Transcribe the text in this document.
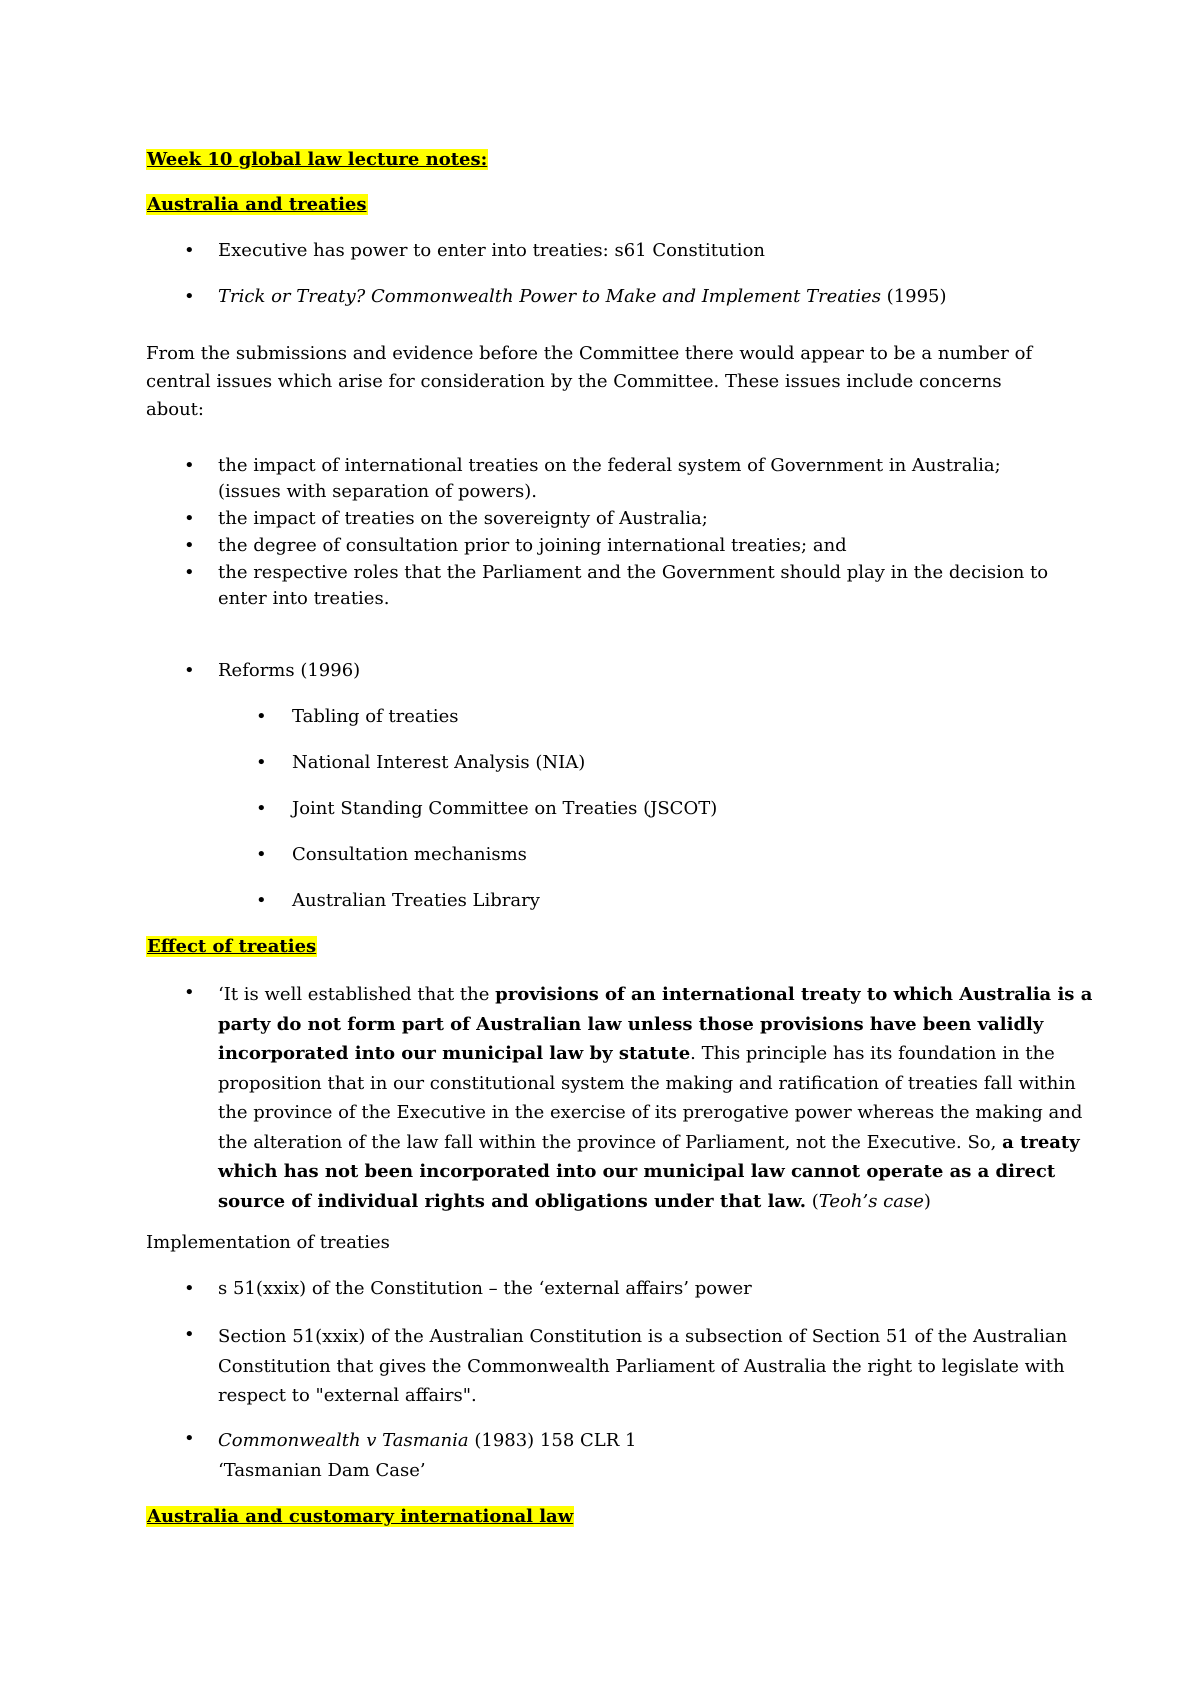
Week 10 global law lecture notes:
Australia and treaties
• Executive has power to enter into treaties: s61 Constitution
• Trick or Treaty? Commonwealth Power to Make and Implement Treaties (1995)
From the submissions and evidence before the Committee there would appear to be a number of
central issues which arise for consideration by the Committee. These issues include concerns
about:
• the impact of international treaties on the federal system of Government in Australia;
(issues with separation of powers).
• the impact of treaties on the sovereignty of Australia;
• the degree of consultation prior to joining international treaties; and
• the respective roles that the Parliament and the Government should play in the decision to
enter into treaties.
• Reforms (1996)
• Tabling of treaties
• National Interest Analysis (NIA)
• Joint Standing Committee on Treaties (JSCOT)
• Consultation mechanisms
• Australian Treaties Library
Effect of treaties
• ‘It is well established that the provisions of an international treaty to which Australia is a
party do not form part of Australian law unless those provisions have been validly
incorporated into our municipal law by statute. This principle has its foundation in the
proposition that in our constitutional system the making and ratification of treaties fall within
the province of the Executive in the exercise of its prerogative power whereas the making and
the alteration of the law fall within the province of Parliament, not the Executive. So, a treaty
which has not been incorporated into our municipal law cannot operate as a direct
source of individual rights and obligations under that law. (Teoh’s case)
Implementation of treaties
• s 51(xxix) of the Constitution – the ‘external affairs’ power
• Section 51(xxix) of the Australian Constitution is a subsection of Section 51 of the Australian
Constitution that gives the Commonwealth Parliament of Australia the right to legislate with
respect to "external affairs".
• Commonwealth v Tasmania (1983) 158 CLR 1
‘Tasmanian Dam Case’
Australia and customary international law
